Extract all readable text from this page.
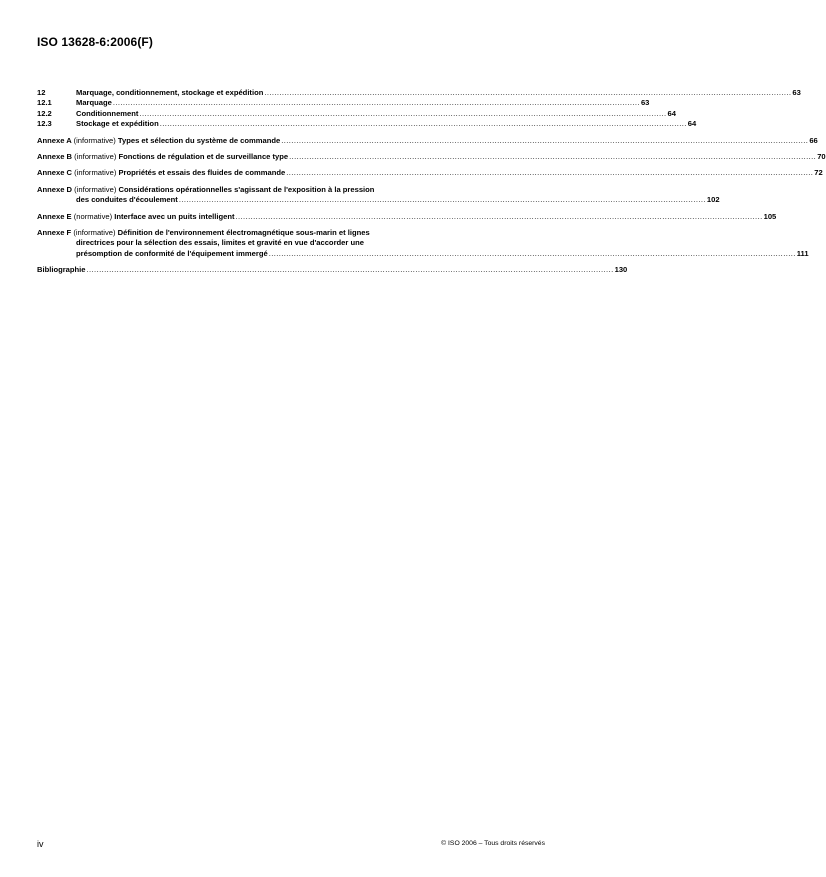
ISO 13628-6:2006(F)
12	Marquage, conditionnement, stockage et expédition .................................................................................................................................................................................................................. 63
12.1	Marquage .................................................................................................................................................................................................................. 63
12.2	Conditionnement .................................................................................................................................................................................................................. 64
12.3	Stockage et expédition .................................................................................................................................................................................................................. 64
Annexe A (informative) Types et sélection du système de commande .................................................................................................................................................................................................................. 66
Annexe B (informative) Fonctions de régulation et de surveillance type .................................................................................................................................................................................................................. 70
Annexe C (informative) Propriétés et essais des fluides de commande .................................................................................................................................................................................................................. 72
Annexe D (informative) Considérations opérationnelles s'agissant de l'exposition à la pression
des conduites d'écoulement .................................................................................................................................................................................................................. 102
Annexe E (normative) Interface avec un puits intelligent .................................................................................................................................................................................................................. 105
Annexe F (informative) Définition de l'environnement électromagnétique sous-marin et lignes
directrices pour la sélection des essais, limites et gravité en vue d'accorder une
présomption de conformité de l'équipement immergé .................................................................................................................................................................................................................. 111
Bibliographie .................................................................................................................................................................................................................. 130
iv	© ISO 2006 – Tous droits réservés
